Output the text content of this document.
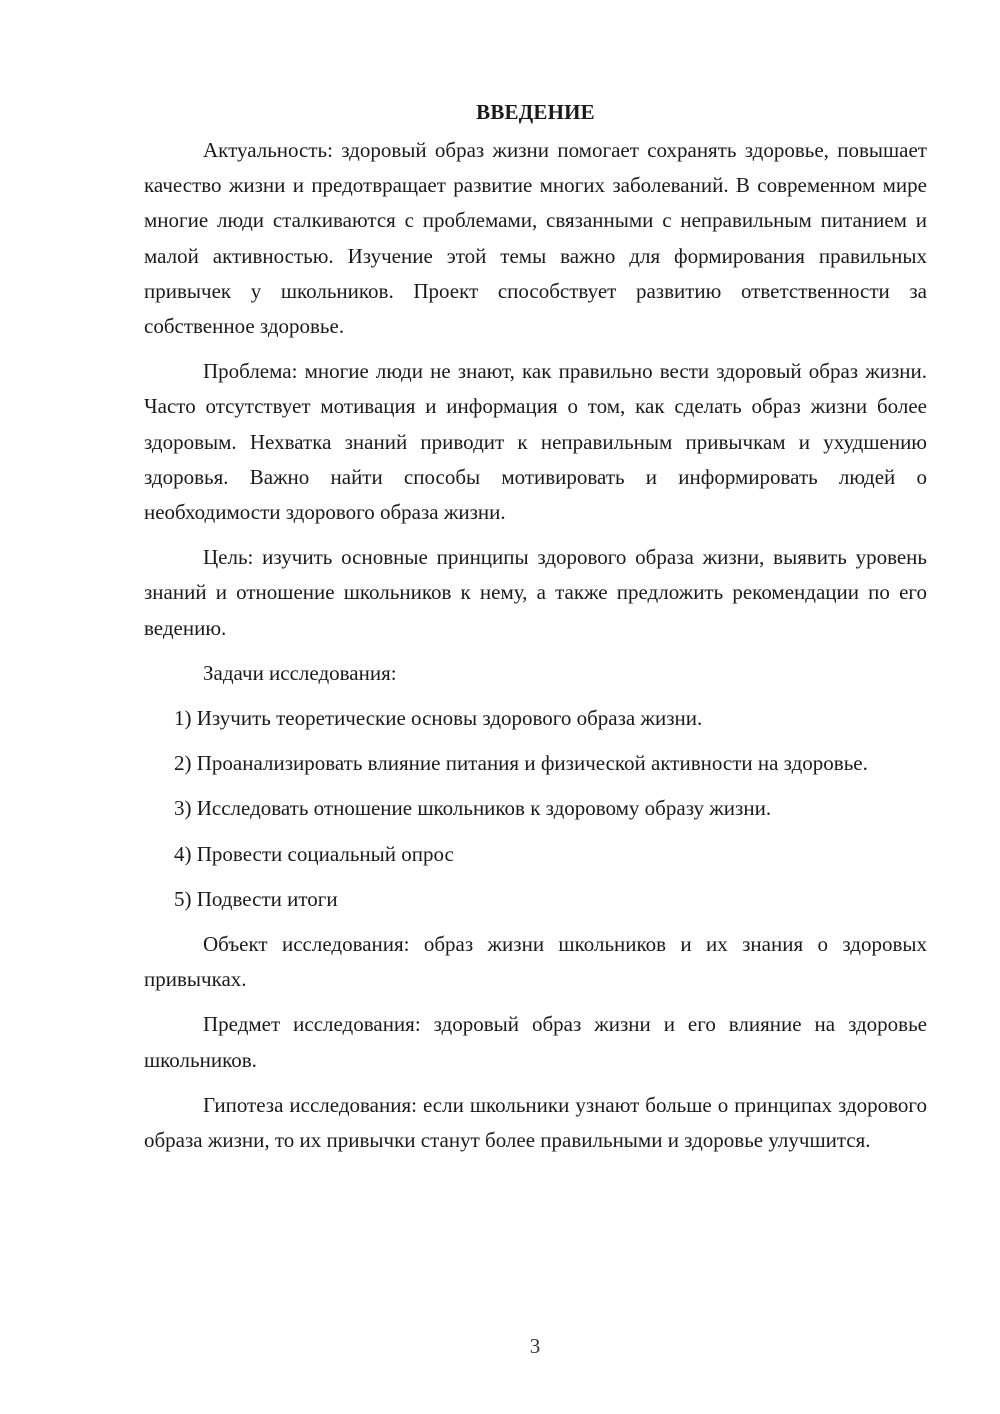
ВВЕДЕНИЕ

Актуальность: здоровый образ жизни помогает сохранять здоровье, повышает качество жизни и предотвращает развитие многих заболеваний. В современном мире многие люди сталкиваются с проблемами, связанными с неправильным питанием и малой активностью. Изучение этой темы важно для формирования правильных привычек у школьников. Проект способствует развитию ответственности за собственное здоровье.

Проблема: многие люди не знают, как правильно вести здоровый образ жизни. Часто отсутствует мотивация и информация о том, как сделать образ жизни более здоровым. Нехватка знаний приводит к неправильным привычкам и ухудшению здоровья. Важно найти способы мотивировать и информировать людей о необходимости здорового образа жизни.

Цель: изучить основные принципы здорового образа жизни, выявить уровень знаний и отношение школьников к нему, а также предложить рекомендации по его ведению.

Задачи исследования:

1) Изучить теоретические основы здорового образа жизни.

2) Проанализировать влияние питания и физической активности на здоровье.

3) Исследовать отношение школьников к здоровому образу жизни.

4) Провести социальный опрос

5) Подвести итоги

Объект исследования: образ жизни школьников и их знания о здоровых привычках.

Предмет исследования: здоровый образ жизни и его влияние на здоровье школьников.

Гипотеза исследования: если школьники узнают больше о принципах здорового образа жизни, то их привычки станут более правильными и здоровье улучшится.

3
